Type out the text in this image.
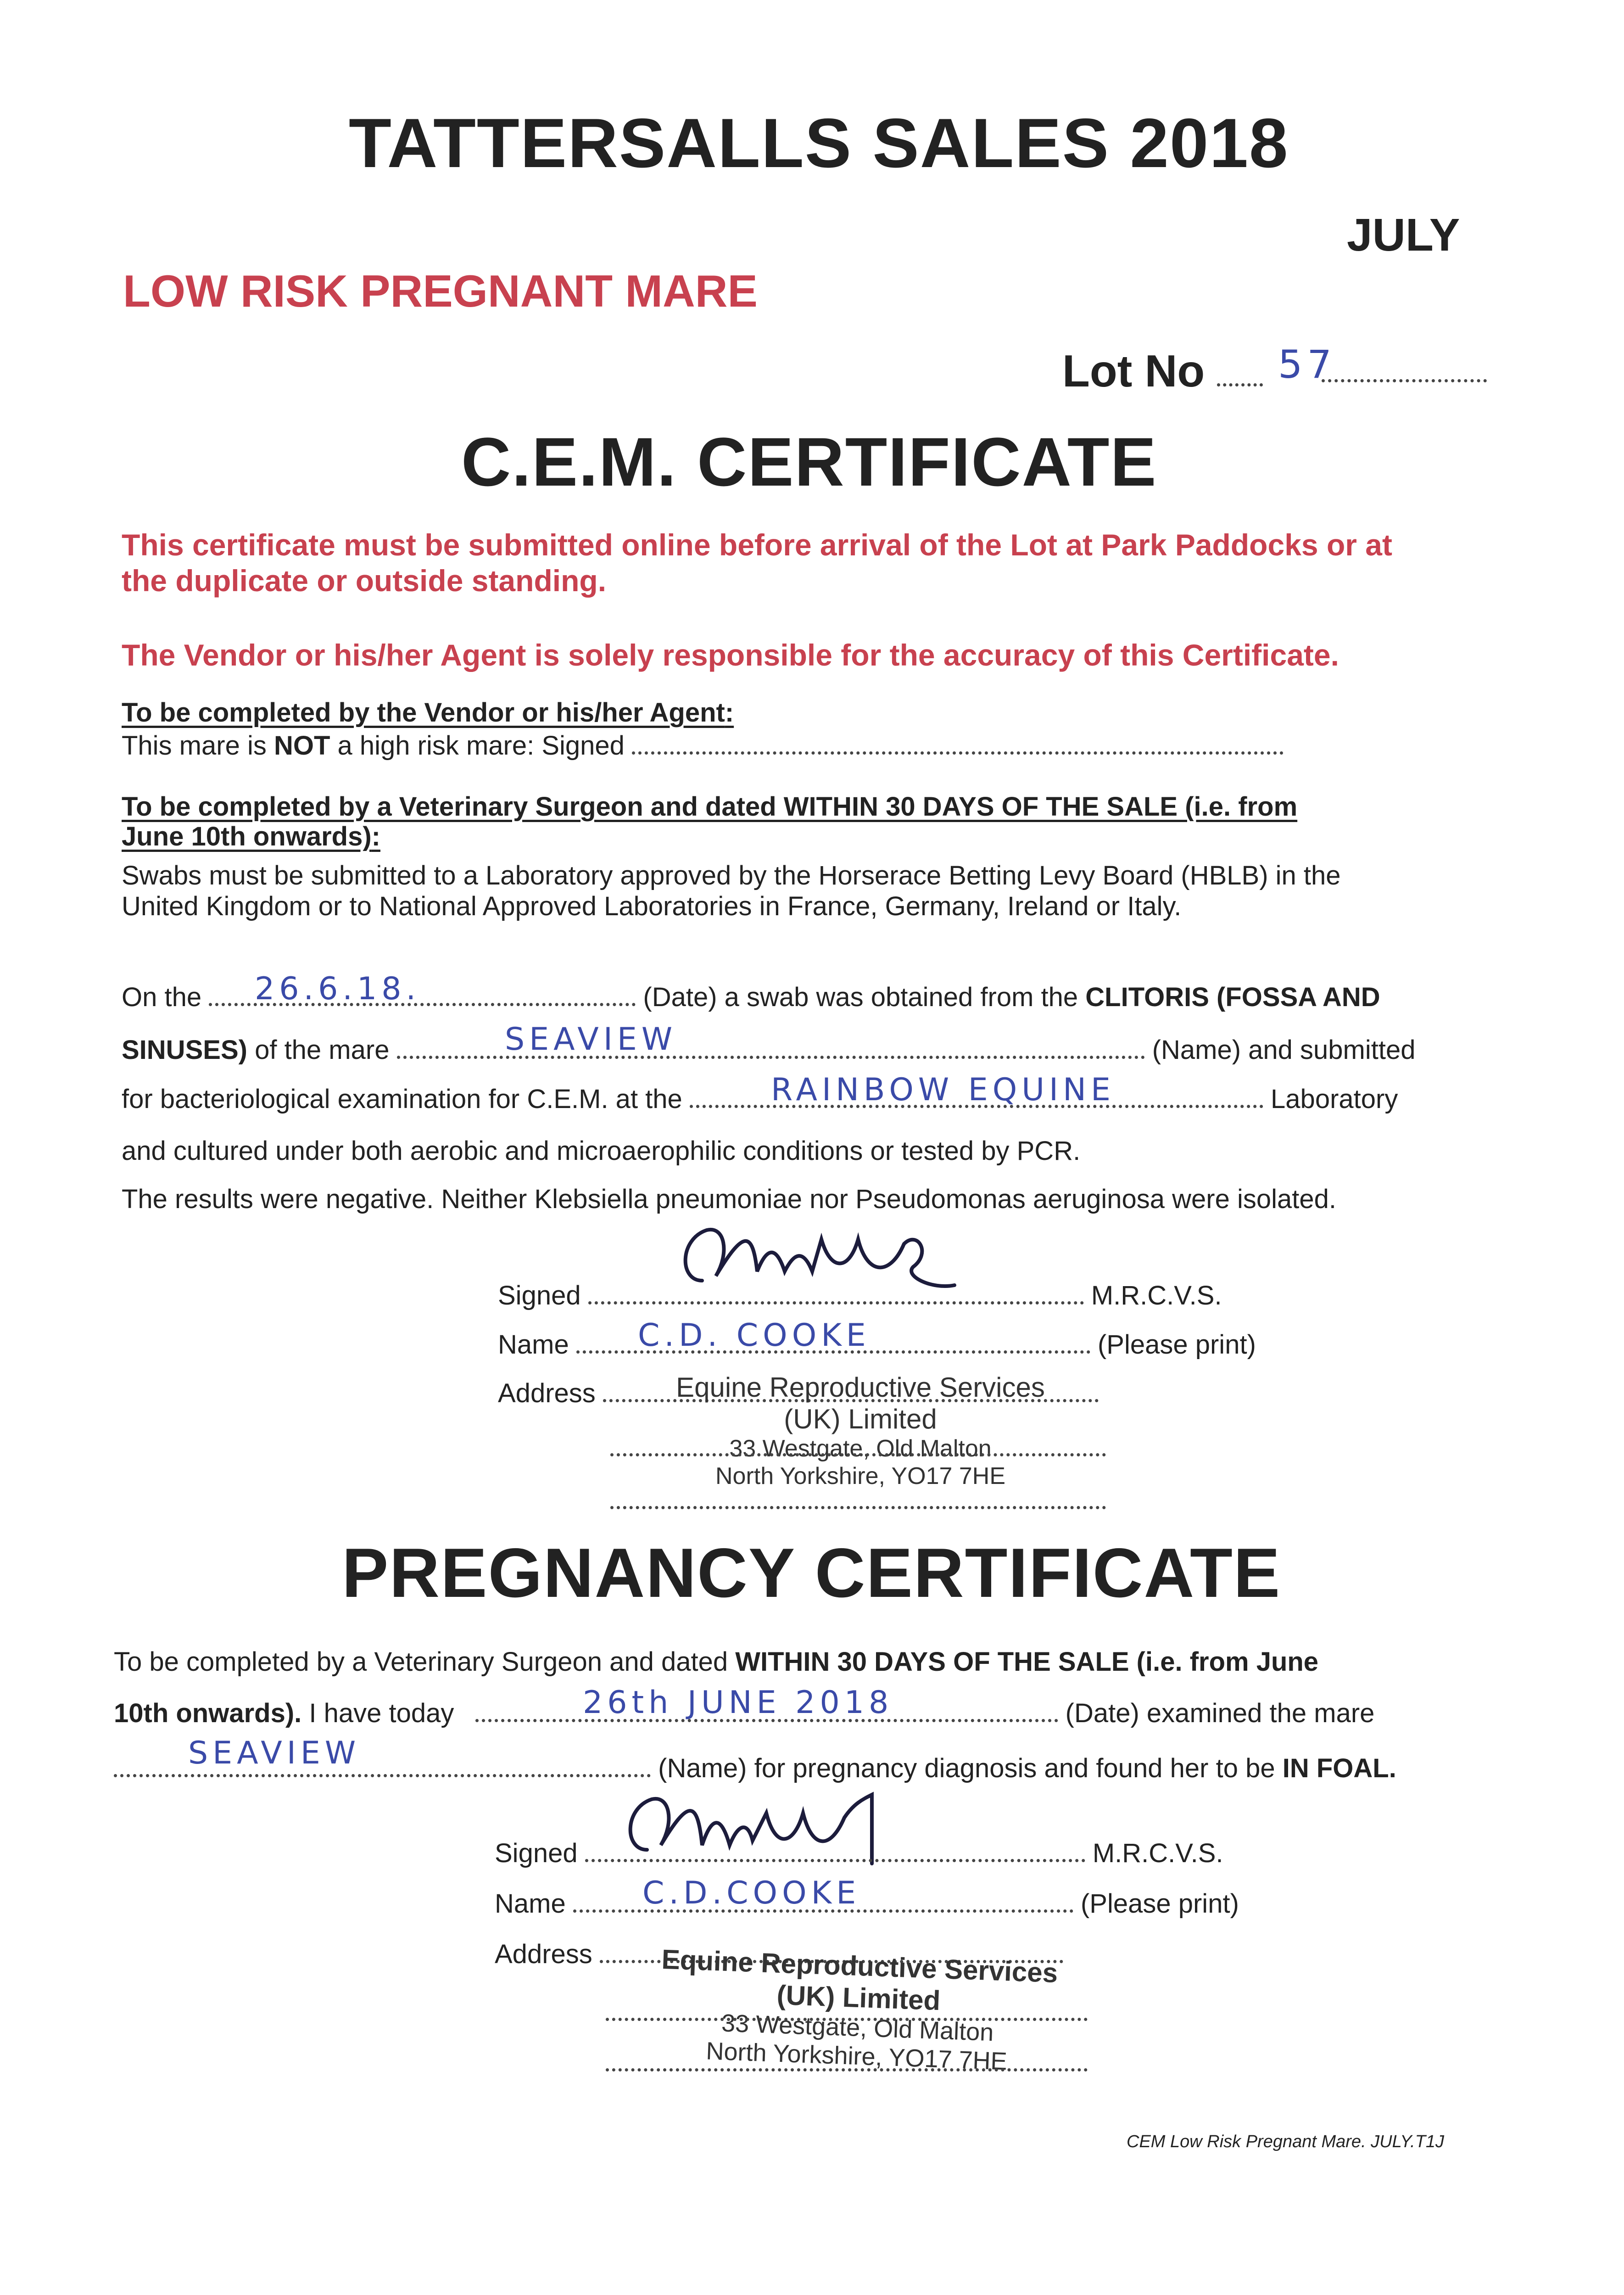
TATTERSALLS SALES 2018
JULY
LOW RISK PREGNANT MARE
Lot No	57
C.E.M. CERTIFICATE
This certificate must be submitted online before arrival of the Lot at Park Paddocks or at
the duplicate or outside standing.
The Vendor or his/her Agent is solely responsible for the accuracy of this Certificate.
To be completed by the Vendor or his/her Agent:
This mare is NOT a high risk mare: Signed
To be completed by a Veterinary Surgeon and dated WITHIN 30 DAYS OF THE SALE (i.e. from
June 10th onwards):
Swabs must be submitted to a Laboratory approved by the Horserace Betting Levy Board (HBLB) in the
United Kingdom or to National Approved Laboratories in France, Germany, Ireland or Italy.
On the	(Date) a swab was obtained from the CLITORIS (FOSSA AND
26.6.18.
SINUSES) of the mare	(Name) and submitted
SEAVIEW
for bacteriological examination for C.E.M. at the	Laboratory
RAINBOW EQUINE
and cultured under both aerobic and microaerophilic conditions or tested by PCR.
The results were negative. Neither Klebsiella pneumoniae nor Pseudomonas aeruginosa were isolated.
Signed	M.R.C.V.S.
Name	(Please print)
C.D. COOKE
Address	Equine Reproductive Services
(UK) Limited
33 Westgate, Old Malton
North Yorkshire, YO17 7HE
PREGNANCY CERTIFICATE
To be completed by a Veterinary Surgeon and dated WITHIN 30 DAYS OF THE SALE (i.e. from June
10th onwards). I have today	(Date) examined the mare
26th JUNE 2018
(Name) for pregnancy diagnosis and found her to be IN FOAL.
SEAVIEW
Signed	M.R.C.V.S.
Name	(Please print)
C.D.COOKE
Address	Equine Reproductive Services
(UK) Limited
33 Westgate, Old Malton
North Yorkshire, YO17 7HE
CEM Low Risk Pregnant Mare. JULY.T1J
